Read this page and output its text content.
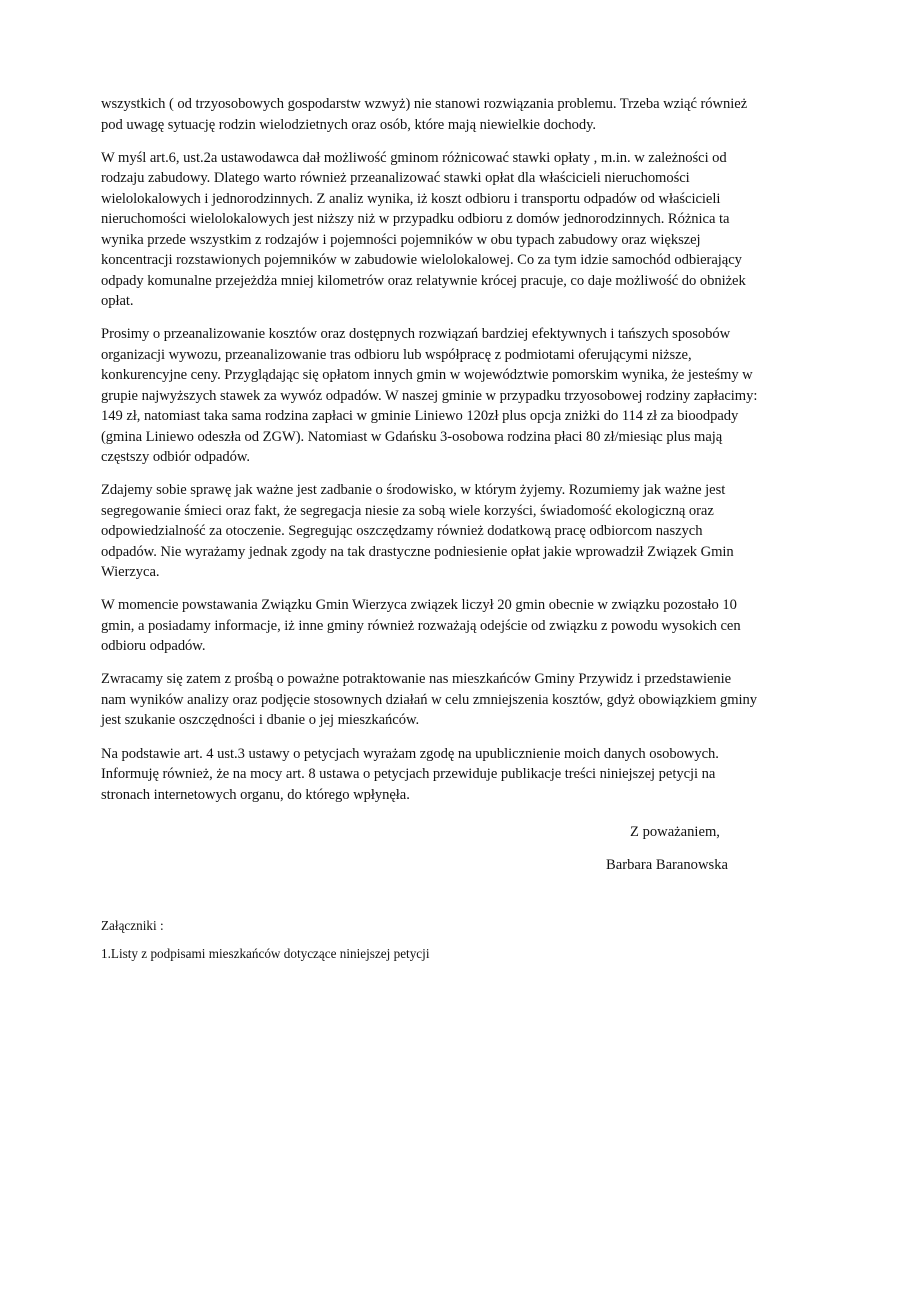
wszystkich ( od trzyosobowych gospodarstw wzwyż) nie stanowi rozwiązania problemu. Trzeba wziąć również
pod uwagę sytuację rodzin wielodzietnych oraz osób, które mają niewielkie dochody.

W myśl art.6, ust.2a ustawodawca dał możliwość gminom różnicować stawki opłaty , m.in. w zależności od
rodzaju zabudowy. Dlatego warto również przeanalizować stawki opłat dla właścicieli nieruchomości
wielolokalowych i jednorodzinnych. Z analiz wynika, iż koszt odbioru i transportu odpadów od właścicieli
nieruchomości wielolokalowych jest niższy niż w przypadku odbioru z domów jednorodzinnych. Różnica ta
wynika przede wszystkim z rodzajów i pojemności pojemników w obu typach zabudowy oraz większej
koncentracji rozstawionych pojemników w zabudowie wielolokalowej. Co za tym idzie samochód odbierający
odpady komunalne przejeżdża mniej kilometrów oraz relatywnie krócej pracuje, co daje możliwość do obniżek
opłat.

Prosimy o przeanalizowanie kosztów oraz dostępnych rozwiązań bardziej efektywnych i tańszych sposobów
organizacji wywozu, przeanalizowanie tras odbioru lub współpracę z podmiotami oferującymi niższe,
konkurencyjne ceny. Przyglądając się opłatom innych gmin w województwie pomorskim wynika, że jesteśmy w
grupie najwyższych stawek za wywóz odpadów. W naszej gminie w przypadku trzyosobowej rodziny zapłacimy:
149 zł, natomiast taka sama rodzina zapłaci w gminie Liniewo 120zł plus opcja zniżki do 114 zł za bioodpady
(gmina Liniewo odeszła od ZGW). Natomiast w Gdańsku 3-osobowa rodzina płaci 80 zł/miesiąc plus mają
częstszy odbiór odpadów.

Zdajemy sobie sprawę jak ważne jest zadbanie o środowisko, w którym żyjemy. Rozumiemy jak ważne jest
segregowanie śmieci oraz fakt, że segregacja niesie za sobą wiele korzyści, świadomość ekologiczną oraz
odpowiedzialność za otoczenie. Segregując oszczędzamy również dodatkową pracę odbiorcom naszych
odpadów. Nie wyrażamy jednak zgody na tak drastyczne podniesienie opłat jakie wprowadził Związek Gmin
Wierzyca.

W momencie powstawania Związku Gmin Wierzyca związek liczył 20 gmin obecnie w związku pozostało 10
gmin, a posiadamy informacje, iż inne gminy również rozważają odejście od związku z powodu wysokich cen
odbioru odpadów.

Zwracamy się zatem z prośbą o poważne potraktowanie nas mieszkańców Gminy Przywidz i przedstawienie
nam wyników analizy oraz podjęcie stosownych działań w celu zmniejszenia kosztów, gdyż obowiązkiem gminy
jest szukanie oszczędności i dbanie o jej mieszkańców.

Na podstawie art. 4 ust.3 ustawy o petycjach wyrażam zgodę na upublicznienie moich danych osobowych.
Informuję również, że na mocy art. 8 ustawa o petycjach przewiduje publikacje treści niniejszej petycji na
stronach internetowych organu, do którego wpłynęła.

Z poważaniem,

Barbara Baranowska

Załączniki :

1.Listy z podpisami mieszkańców dotyczące niniejszej petycji
